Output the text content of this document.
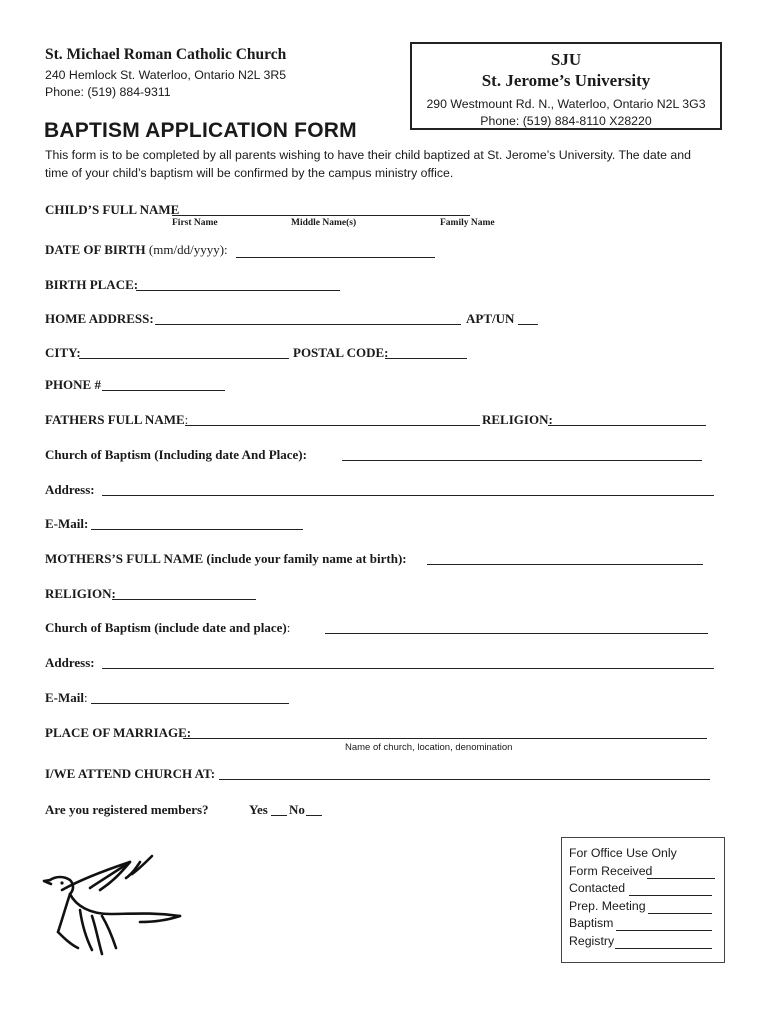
St. Michael Roman Catholic Church
240 Hemlock St. Waterloo, Ontario N2L 3R5
Phone: (519) 884-9311
SJU
St. Jerome’s University
290 Westmount Rd. N., Waterloo, Ontario N2L 3G3
Phone: (519) 884-8110 X28220
BAPTISM APPLICATION FORM
This form is to be completed by all parents wishing to have their child baptized at St. Jerome’s University. The date and
time of your child’s baptism will be confirmed by the campus ministry office.
CHILD’S FULL NAME
First Name	Middle Name(s)	Family Name
DATE OF BIRTH (mm/dd/yyyy):
BIRTH PLACE:
HOME ADDRESS:	APT/UN
CITY:	POSTAL CODE:
PHONE #
FATHERS FULL NAME:	RELIGION:
Church of Baptism (Including date And Place):
Address:
E-Mail:
MOTHERS’S FULL NAME (include your family name at birth):
RELIGION:
Church of Baptism (include date and place):
Address:
E-Mail:
PLACE OF MARRIAGE:
Name of church, location, denomination
I/WE ATTEND CHURCH AT:
Are you registered members?	Yes No
For Office Use Only
Form Received
Contacted
Prep. Meeting
Baptism
Registry
